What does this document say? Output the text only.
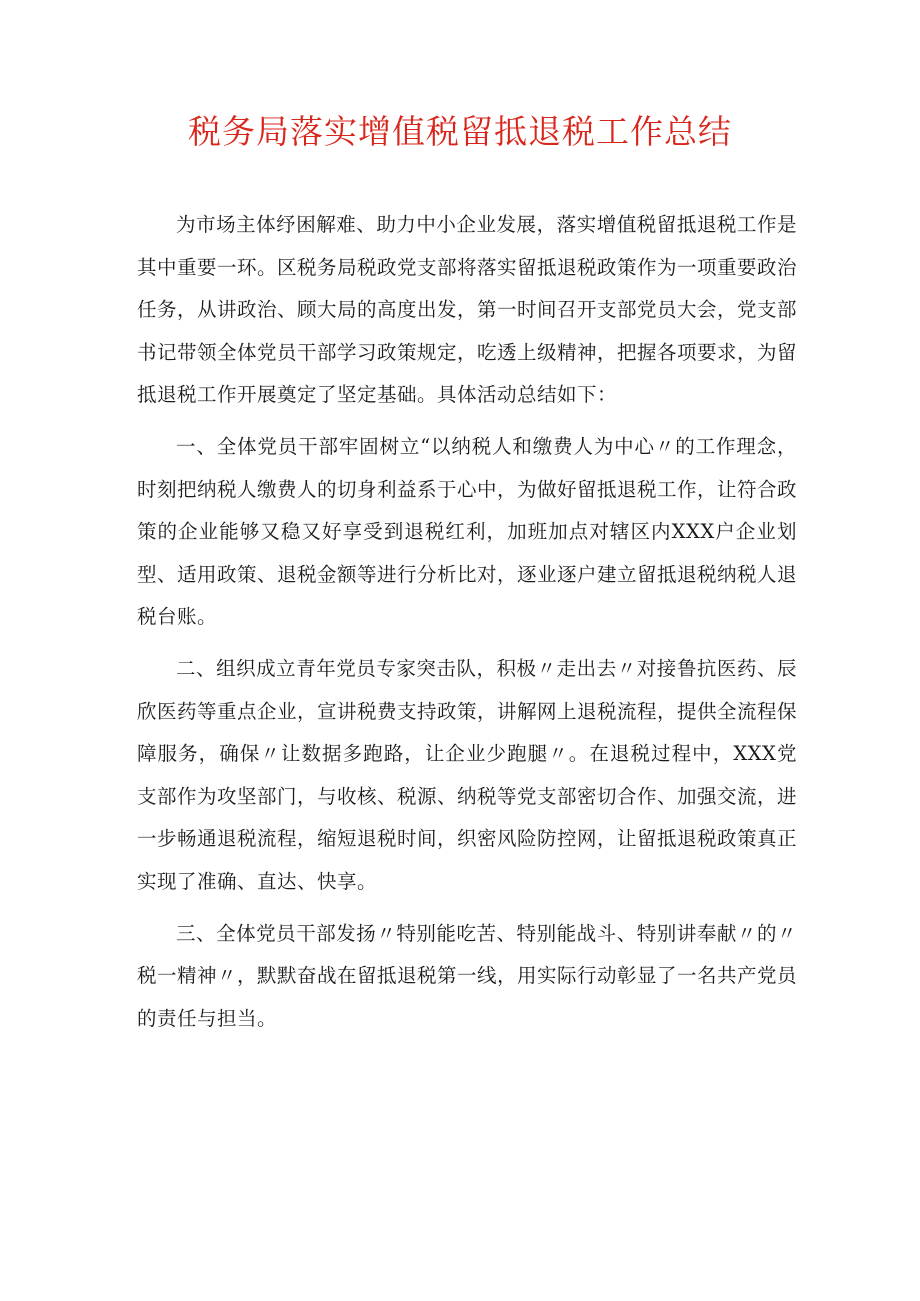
税务局落实增值税留抵退税工作总结

为市场主体纾困解难、助力中小企业发展，落实增值税留抵退税工作是其中重要一环。区税务局税政党支部将落实留抵退税政策作为一项重要政治任务，从讲政治、顾大局的高度出发，第一时间召开支部党员大会，党支部书记带领全体党员干部学习政策规定，吃透上级精神，把握各项要求，为留抵退税工作开展奠定了坚定基础。具体活动总结如下：

一、全体党员干部牢固树立“以纳税人和缴费人为中心〃的工作理念，时刻把纳税人缴费人的切身利益系于心中，为做好留抵退税工作，让符合政策的企业能够又稳又好享受到退税红利，加班加点对辖区内XXX户企业划型、适用政策、退税金额等进行分析比对，逐业逐户建立留抵退税纳税人退税台账。

二、组织成立青年党员专家突击队，积极〃走出去〃对接鲁抗医药、辰欣医药等重点企业，宣讲税费支持政策，讲解网上退税流程，提供全流程保障服务，确保〃让数据多跑路，让企业少跑腿〃。在退税过程中，XXX党支部作为攻坚部门，与收核、税源、纳税等党支部密切合作、加强交流，进一步畅通退税流程，缩短退税时间，织密风险防控网，让留抵退税政策真正实现了准确、直达、快享。

三、全体党员干部发扬〃特别能吃苦、特别能战斗、特别讲奉献〃的〃税一精神〃，默默奋战在留抵退税第一线，用实际行动彰显了一名共产党员的责任与担当。
